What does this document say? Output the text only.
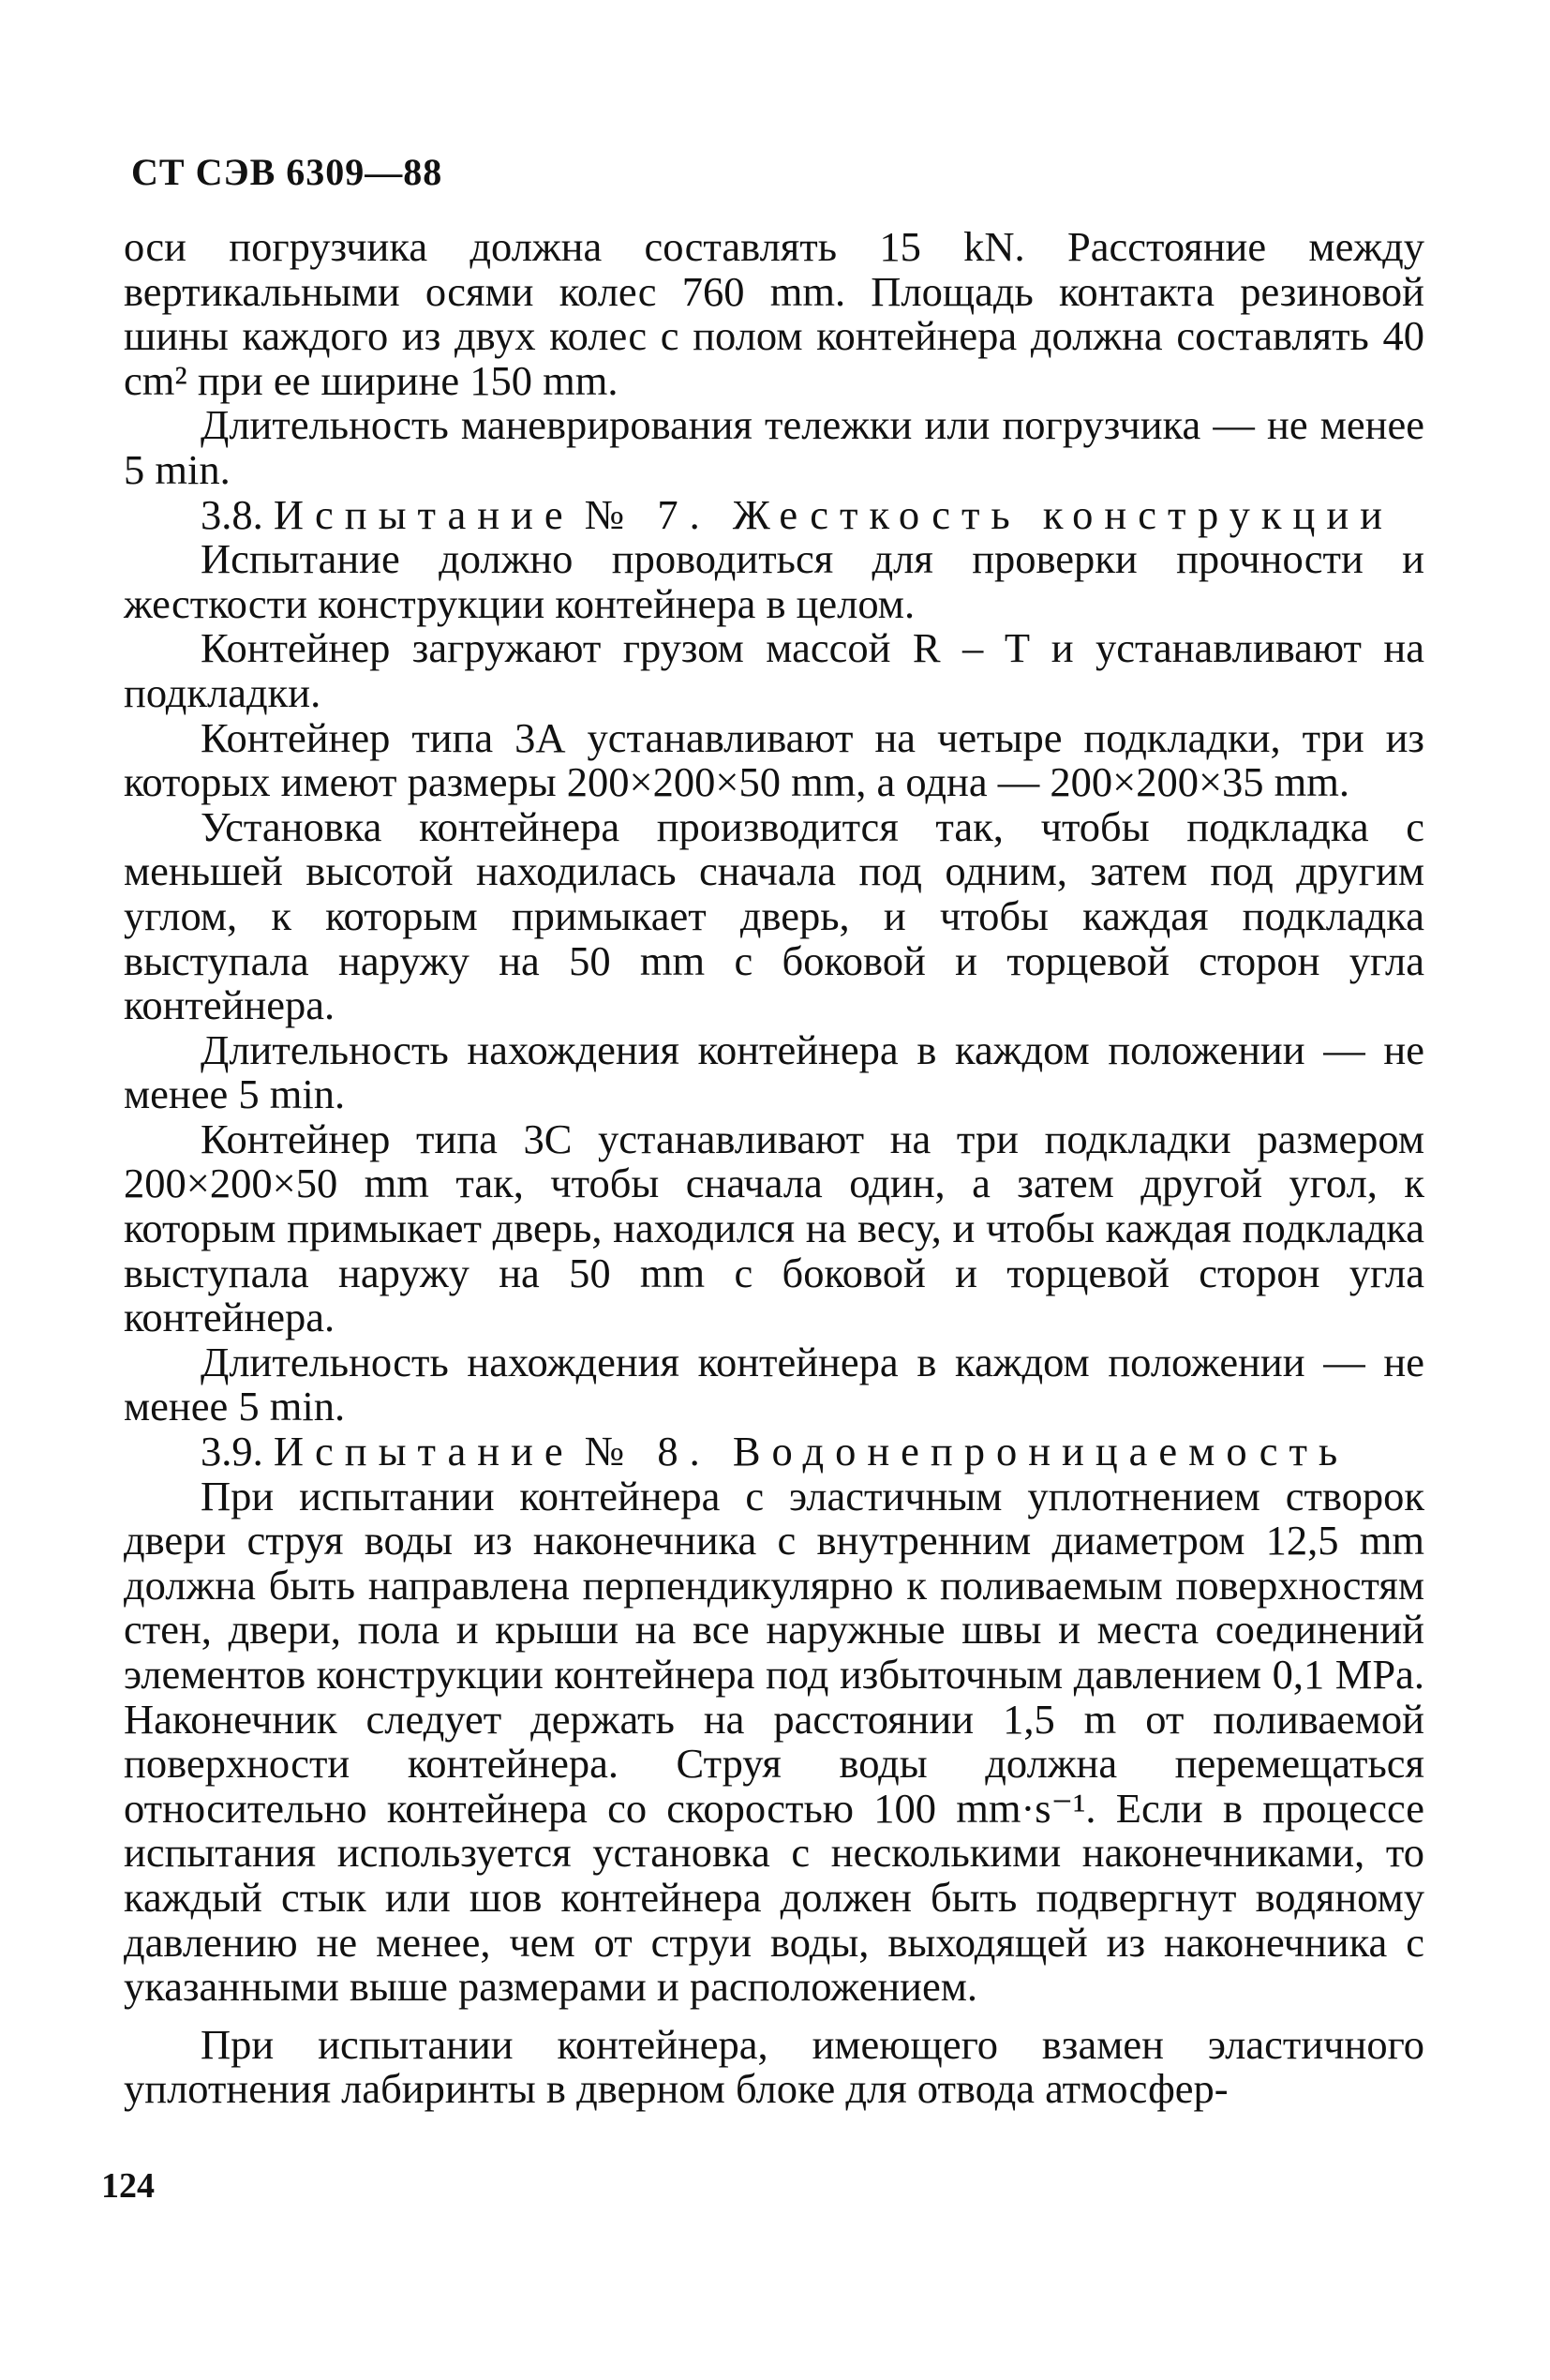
СТ СЭВ 6309—88

оси погрузчика должна составлять 15 kN. Расстояние между вертикальными осями колес 760 mm. Площадь контакта резиновой шины каждого из двух колес с полом контейнера должна составлять 40 cm² при ее ширине 150 mm.

Длительность маневрирования тележки или погрузчика — не менее 5 min.

3.8. Испытание № 7. Жесткость конструкции

Испытание должно проводиться для проверки прочности и жесткости конструкции контейнера в целом.

Контейнер загружают грузом массой R – T и устанавливают на подкладки.

Контейнер типа 3А устанавливают на четыре подкладки, три из которых имеют размеры 200×200×50 mm, а одна — 200×200×35 mm.

Установка контейнера производится так, чтобы подкладка с меньшей высотой находилась сначала под одним, затем под другим углом, к которым примыкает дверь, и чтобы каждая подкладка выступала наружу на 50 mm с боковой и торцевой сторон угла контейнера.

Длительность нахождения контейнера в каждом положении — не менее 5 min.

Контейнер типа 3С устанавливают на три подкладки размером 200×200×50 mm так, чтобы сначала один, а затем другой угол, к которым примыкает дверь, находился на весу, и чтобы каждая подкладка выступала наружу на 50 mm с боковой и торцевой сторон угла контейнера.

Длительность нахождения контейнера в каждом положении — не менее 5 min.

3.9. Испытание № 8. Водонепроницаемость

При испытании контейнера с эластичным уплотнением створок двери струя воды из наконечника с внутренним диаметром 12,5 mm должна быть направлена перпендикулярно к поливаемым поверхностям стен, двери, пола и крыши на все наружные швы и места соединений элементов конструкции контейнера под избыточным давлением 0,1 МPa. Наконечник следует держать на расстоянии 1,5 m от поливаемой поверхности контейнера. Струя воды должна перемещаться относительно контейнера со скоростью 100 mm·s⁻¹. Если в процессе испытания используется установка с несколькими наконечниками, то каждый стык или шов контейнера должен быть подвергнут водяному давлению не менее, чем от струи воды, выходящей из наконечника с указанными выше размерами и расположением.

При испытании контейнера, имеющего взамен эластичного уплотнения лабиринты в дверном блоке для отвода атмосфер-

124
